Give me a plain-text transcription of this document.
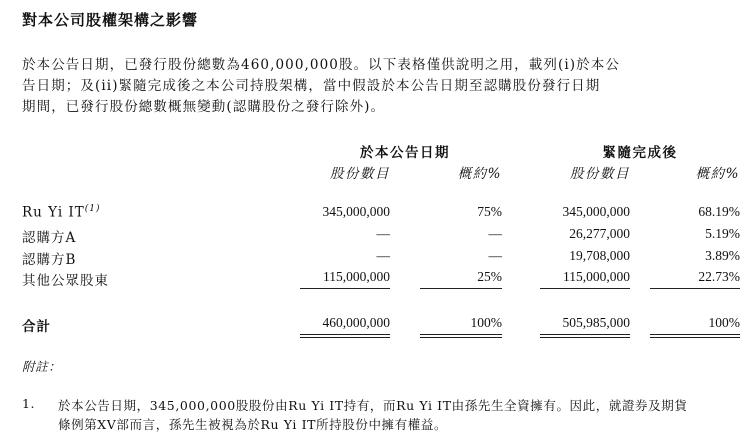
對本公司股權架構之影響
於本公告日期，已發行股份總數為460,000,000股。以下表格僅供說明之用，載列(i)於本公
告日期；及(ii)緊隨完成後之本公司持股架構，當中假設於本公告日期至認購股份發行日期
期間，已發行股份總數概無變動(認購股份之發行除外)。
於本公告日期	緊隨完成後
股份數目	概約%	股份數目	概約%
Ru Yi IT$^{(1)}$	345,000,000	75%	345,000,000	68.19%
認購方A	—	—	26,277,000	5.19%
認購方B	—	—	19,708,000	3.89%
其他公眾股東	115,000,000	25%	115,000,000	22.73%
合計	460,000,000	100%	505,985,000	100%
附註：
1. 於本公告日期，345,000,000股股份由Ru Yi IT持有，而Ru Yi IT由孫先生全資擁有。因此，就證券及期貨
條例第XV部而言，孫先生被視為於Ru Yi IT所持股份中擁有權益。
